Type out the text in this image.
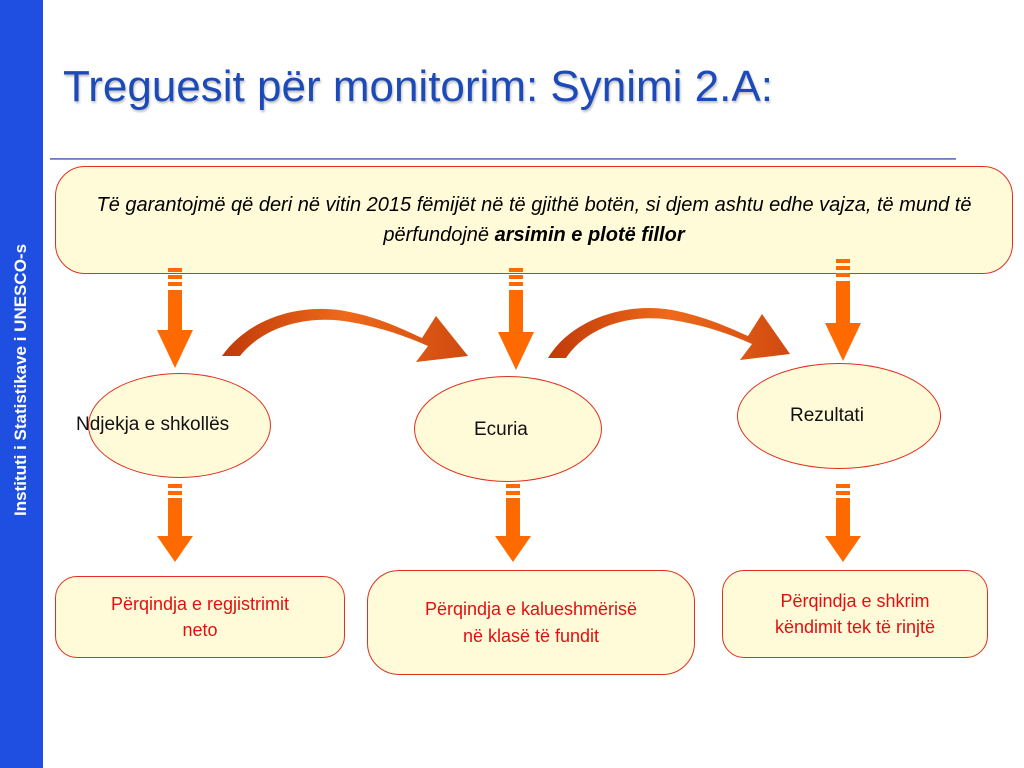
Instituti i Statistikave i UNESCO-s
Treguesit për monitorim: Synimi 2.A:
Të garantojmë që deri në vitin 2015 fëmijët në të gjithë botën, si djem ashtu edhe vajza, të mund të përfundojnë arsimin e plotë fillor
Ndjekja e shkollës	Ecuria
Rezultati
Përqindja e regjistrimit
neto
Përqindja e kalueshmërisë
në klasë të fundit
Përqindja e shkrim
këndimit tek të rinjtë
